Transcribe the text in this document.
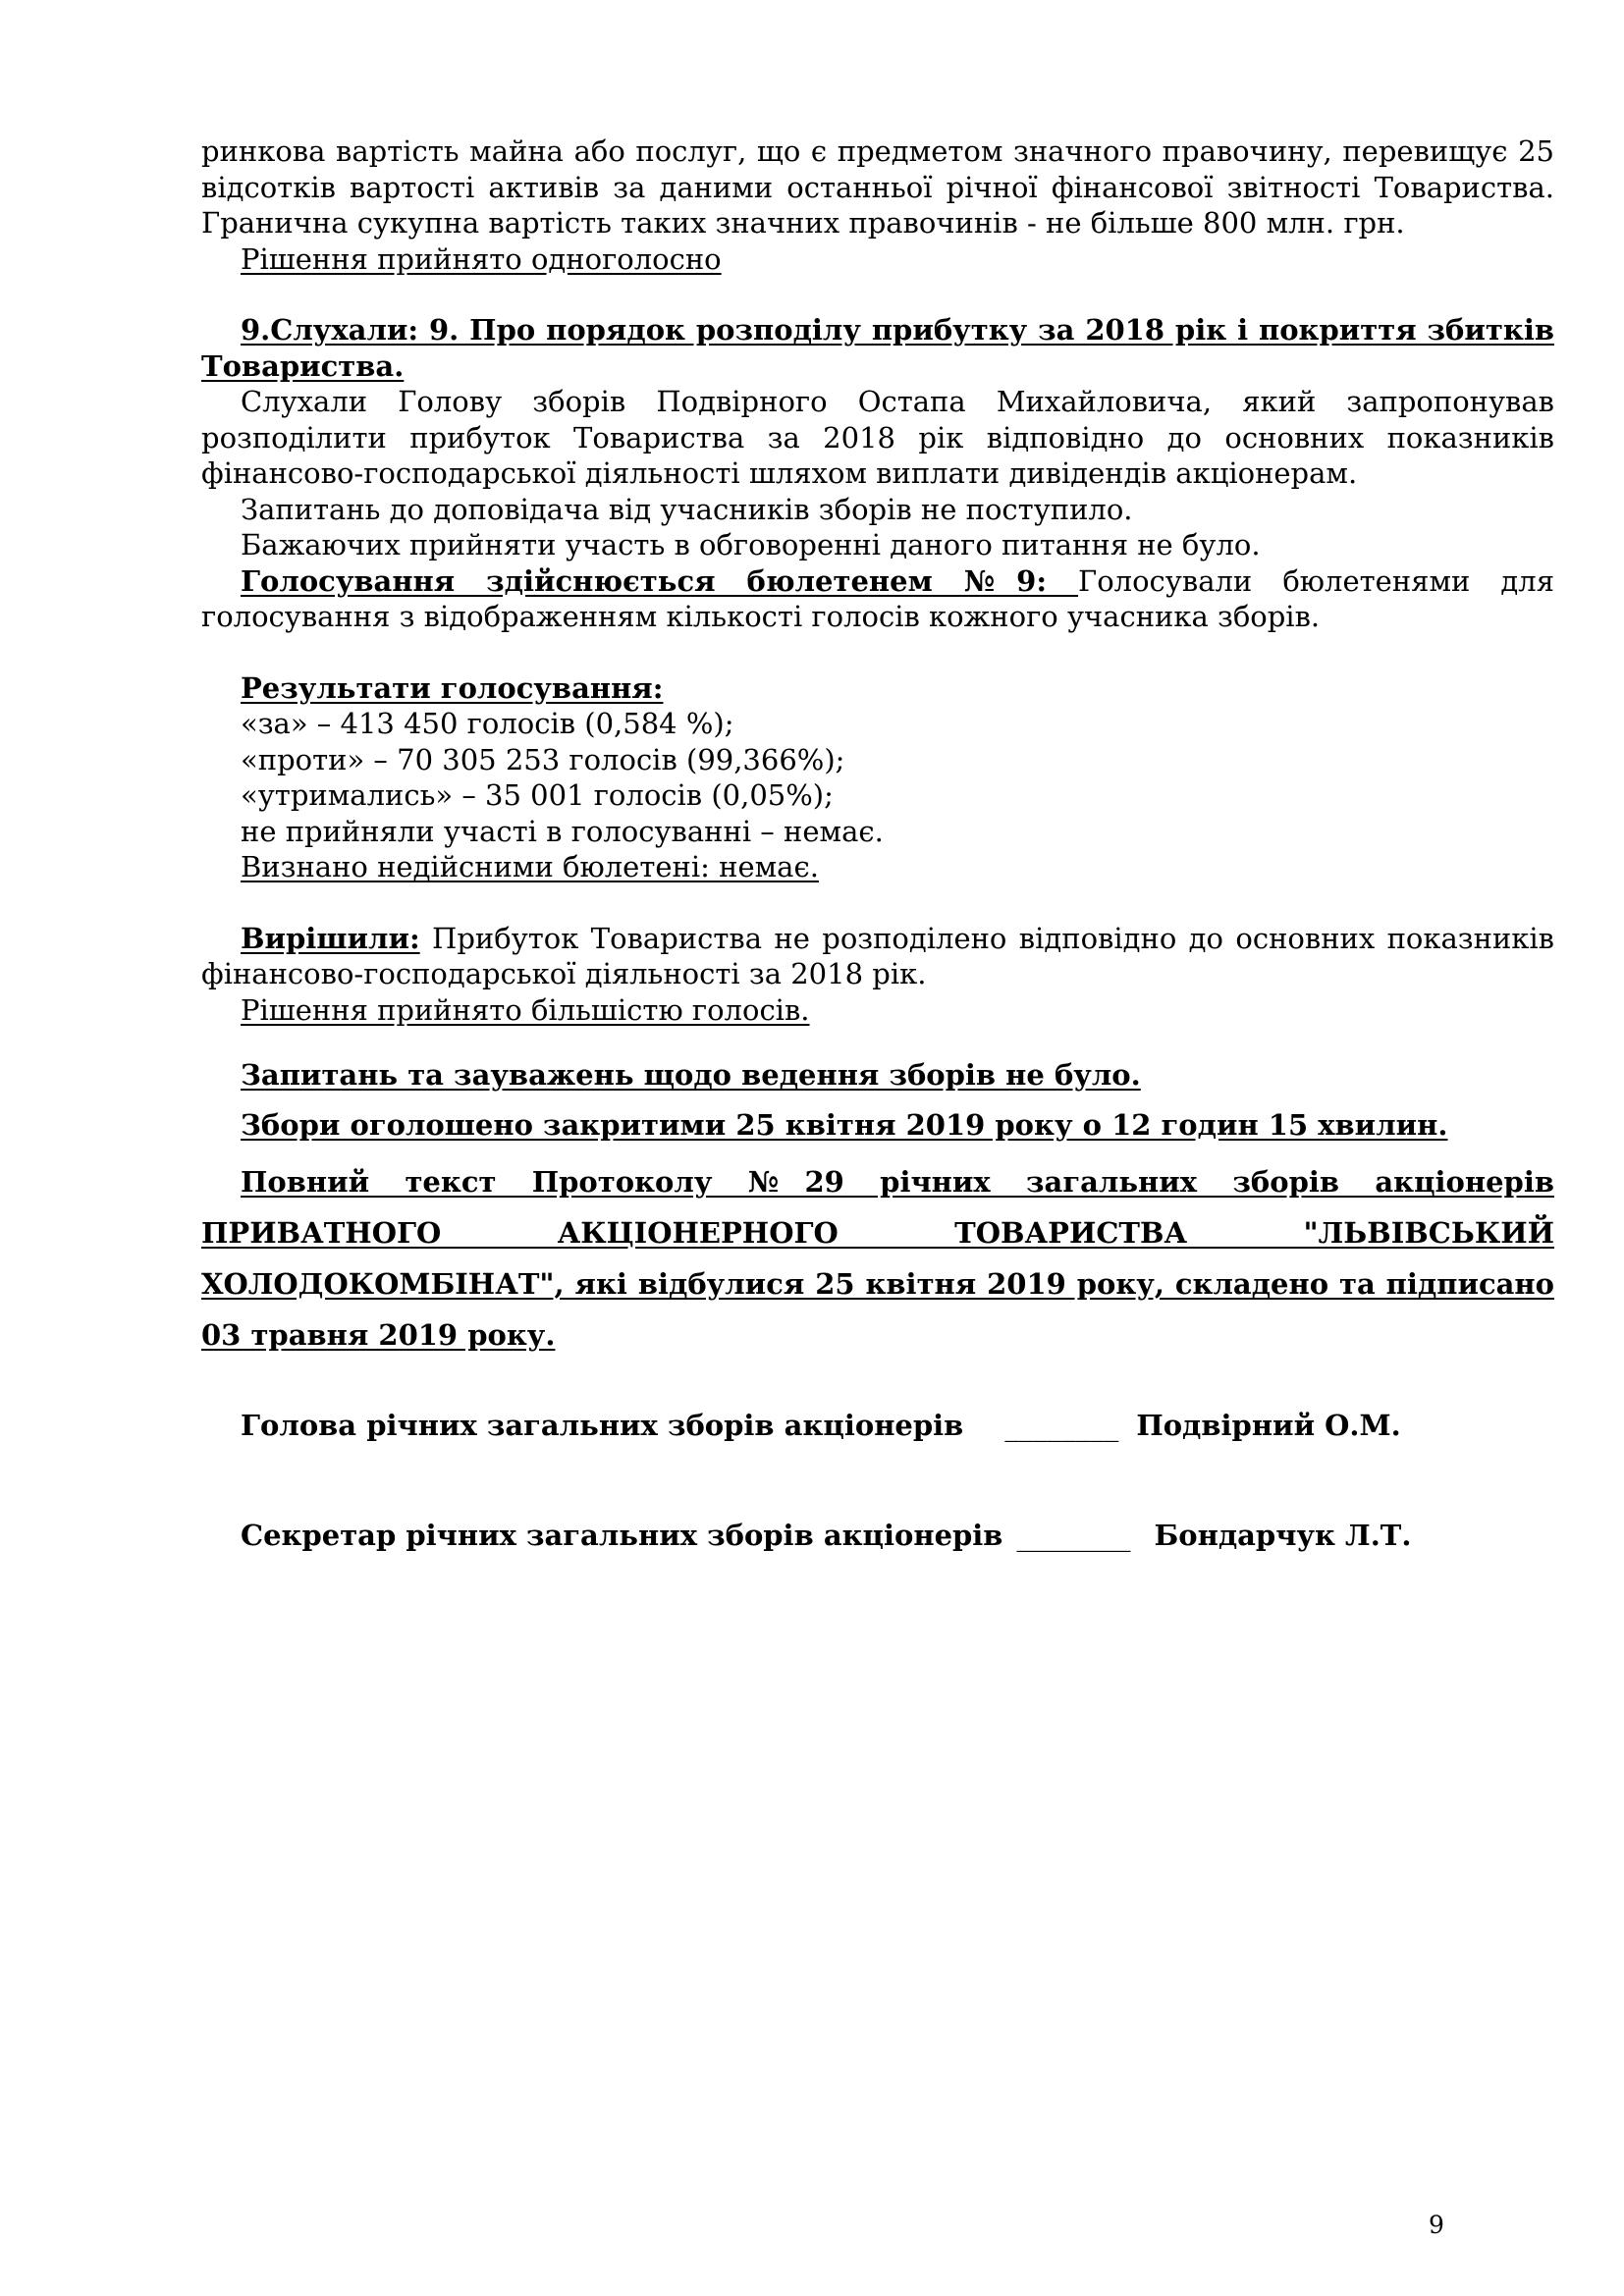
ринкова вартість майна або послуг, що є предметом значного правочину, перевищує 25 відсотків вартості активів за даними останньої річної фінансової звітності Товариства. Гранична сукупна вартість таких значних правочинів - не більше 800 млн. грн.

Рішення прийнято одноголосно

9.Слухали: 9. Про порядок розподілу прибутку за 2018 рік і покриття збитків Товариства.

Слухали Голову зборів Подвірного Остапа Михайловича, який запропонував розподілити прибуток Товариства за 2018 рік відповідно до основних показників фінансово-господарської діяльності шляхом виплати дивідендів акціонерам.

Запитань до доповідача від учасників зборів не поступило.

Бажаючих прийняти участь в обговоренні даного питання не було.

Голосування здійснюється бюлетенем №9: Голосували бюлетенями для голосування з відображенням кількості голосів кожного учасника зборів.

Результати голосування:

«за» – 413 450 голосів (0,584 %);

«проти» – 70 305 253 голосів (99,366%);

«утримались» – 35 001 голосів (0,05%);

не прийняли участі в голосуванні – немає.

Визнано недійсними бюлетені: немає.

Вирішили: Прибуток Товариства не розподілено відповідно до основних показників фінансово-господарської діяльності за 2018 рік.

Рішення прийнято більшістю голосів.

Запитань та зауважень щодо ведення зборів не було.

Збори оголошено закритими 25 квітня 2019 року о 12 годин 15 хвилин.

Повний текст Протоколу №29 річних загальних зборів акціонерів

ПРИВАТНОГО АКЦІОНЕРНОГО ТОВАРИСТВА "ЛЬВІВСЬКИЙ

ХОЛОДОКОМБІНАТ", які відбулися 25 квітня 2019 року, складено та підписано

03 травня 2019 року.

Голова річних загальних зборів акціонерів ________ Подвірний О.М.
Секретар річних загальних зборів акціонерів ________ Бондарчук Л.Т.
9
